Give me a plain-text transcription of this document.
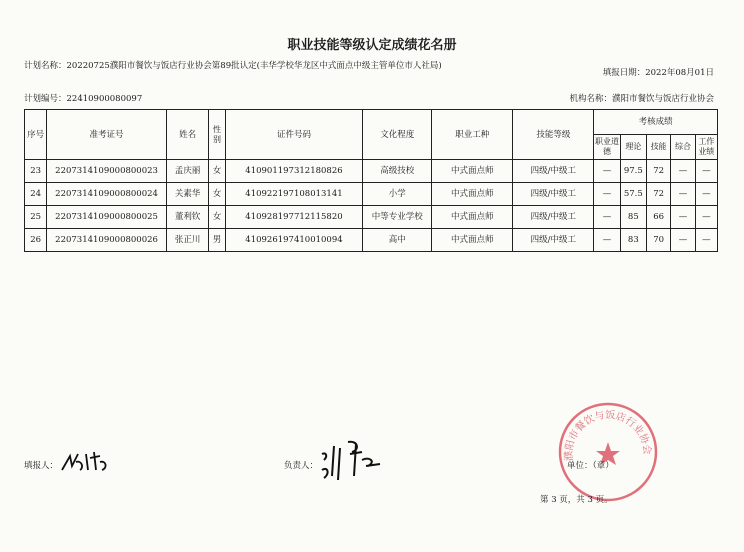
职业技能等级认定成绩花名册
计划名称：20220725濮阳市餐饮与饭店行业协会第89批认定(丰华学校华龙区中式面点中级主管单位市人社局)
填报日期：2022年08月01日
计划编号：22410900080097	机构名称：濮阳市餐饮与饭店行业协会
序号	准考证号	姓名	性别	证件号码	文化程度	职业工种	技能等级	考核成绩				
								职业道德	理论	技能	综合	工作业绩
23	2207314109000800023	孟庆丽	女	410901197312180826	高级技校	中式面点师	四级/中级工	—	97.5	72	—	—
24	2207314109000800024	关素华	女	410922197108013141	小学	中式面点师	四级/中级工	—	57.5	72	—	—
25	2207314109000800025	董利钦	女	410928197712115820	中等专业学校	中式面点师	四级/中级工	—	85	66	—	—
26	2207314109000800026	张正川	男	410926197410010094	高中	中式面点师	四级/中级工	—	83	70	—	—
濮阳市餐饮与饭店行业协会
填报人：	负责人：	单位：（章）
第 3 页，共 3 页。
